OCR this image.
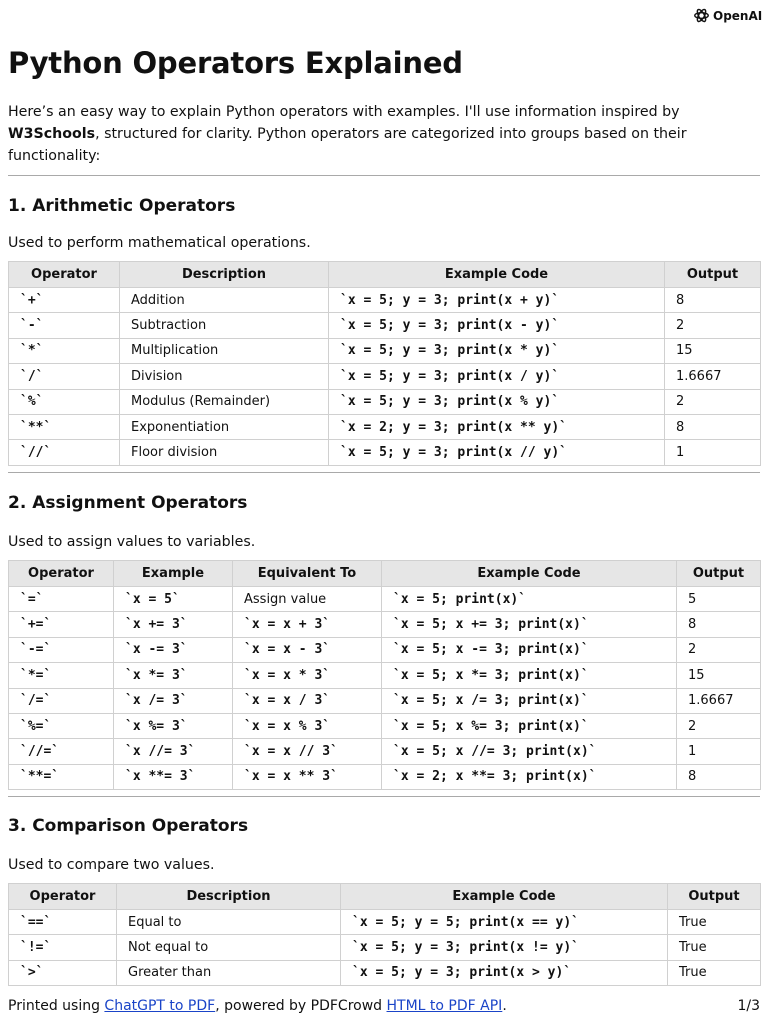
OpenAI
Python Operators Explained

Here’s an easy way to explain Python operators with examples. I'll use information inspired by W3Schools, structured for clarity. Python operators are categorized into groups based on their functionality:

1. Arithmetic Operators

Used to perform mathematical operations.

Operator	Description	Example Code	Output
`+`	Addition	`x = 5; y = 3; print(x + y)`	8
`-`	Subtraction	`x = 5; y = 3; print(x - y)`	2
`*`	Multiplication	`x = 5; y = 3; print(x * y)`	15
`/`	Division	`x = 5; y = 3; print(x / y)`	1.6667
`%`	Modulus (Remainder)	`x = 5; y = 3; print(x % y)`	2
`**`	Exponentiation	`x = 2; y = 3; print(x ** y)`	8
`//`	Floor division	`x = 5; y = 3; print(x // y)`	1
2. Assignment Operators

Used to assign values to variables.

Operator	Example	Equivalent To	Example Code	Output
`=`	`x = 5`	Assign value	`x = 5; print(x)`	5
`+=`	`x += 3`	`x = x + 3`	`x = 5; x += 3; print(x)`	8
`-=`	`x -= 3`	`x = x - 3`	`x = 5; x -= 3; print(x)`	2
`*=`	`x *= 3`	`x = x * 3`	`x = 5; x *= 3; print(x)`	15
`/=`	`x /= 3`	`x = x / 3`	`x = 5; x /= 3; print(x)`	1.6667
`%=`	`x %= 3`	`x = x % 3`	`x = 5; x %= 3; print(x)`	2
`//=`	`x //= 3`	`x = x // 3`	`x = 5; x //= 3; print(x)`	1
`**=`	`x **= 3`	`x = x ** 3`	`x = 2; x **= 3; print(x)`	8
3. Comparison Operators

Used to compare two values.

Operator	Description	Example Code	Output
`==`	Equal to	`x = 5; y = 5; print(x == y)`	True
`!=`	Not equal to	`x = 5; y = 3; print(x != y)`	True
`>`	Greater than	`x = 5; y = 3; print(x > y)`	True
Printed using ChatGPT to PDF, powered by PDFCrowd HTML to PDF API.	1/3
